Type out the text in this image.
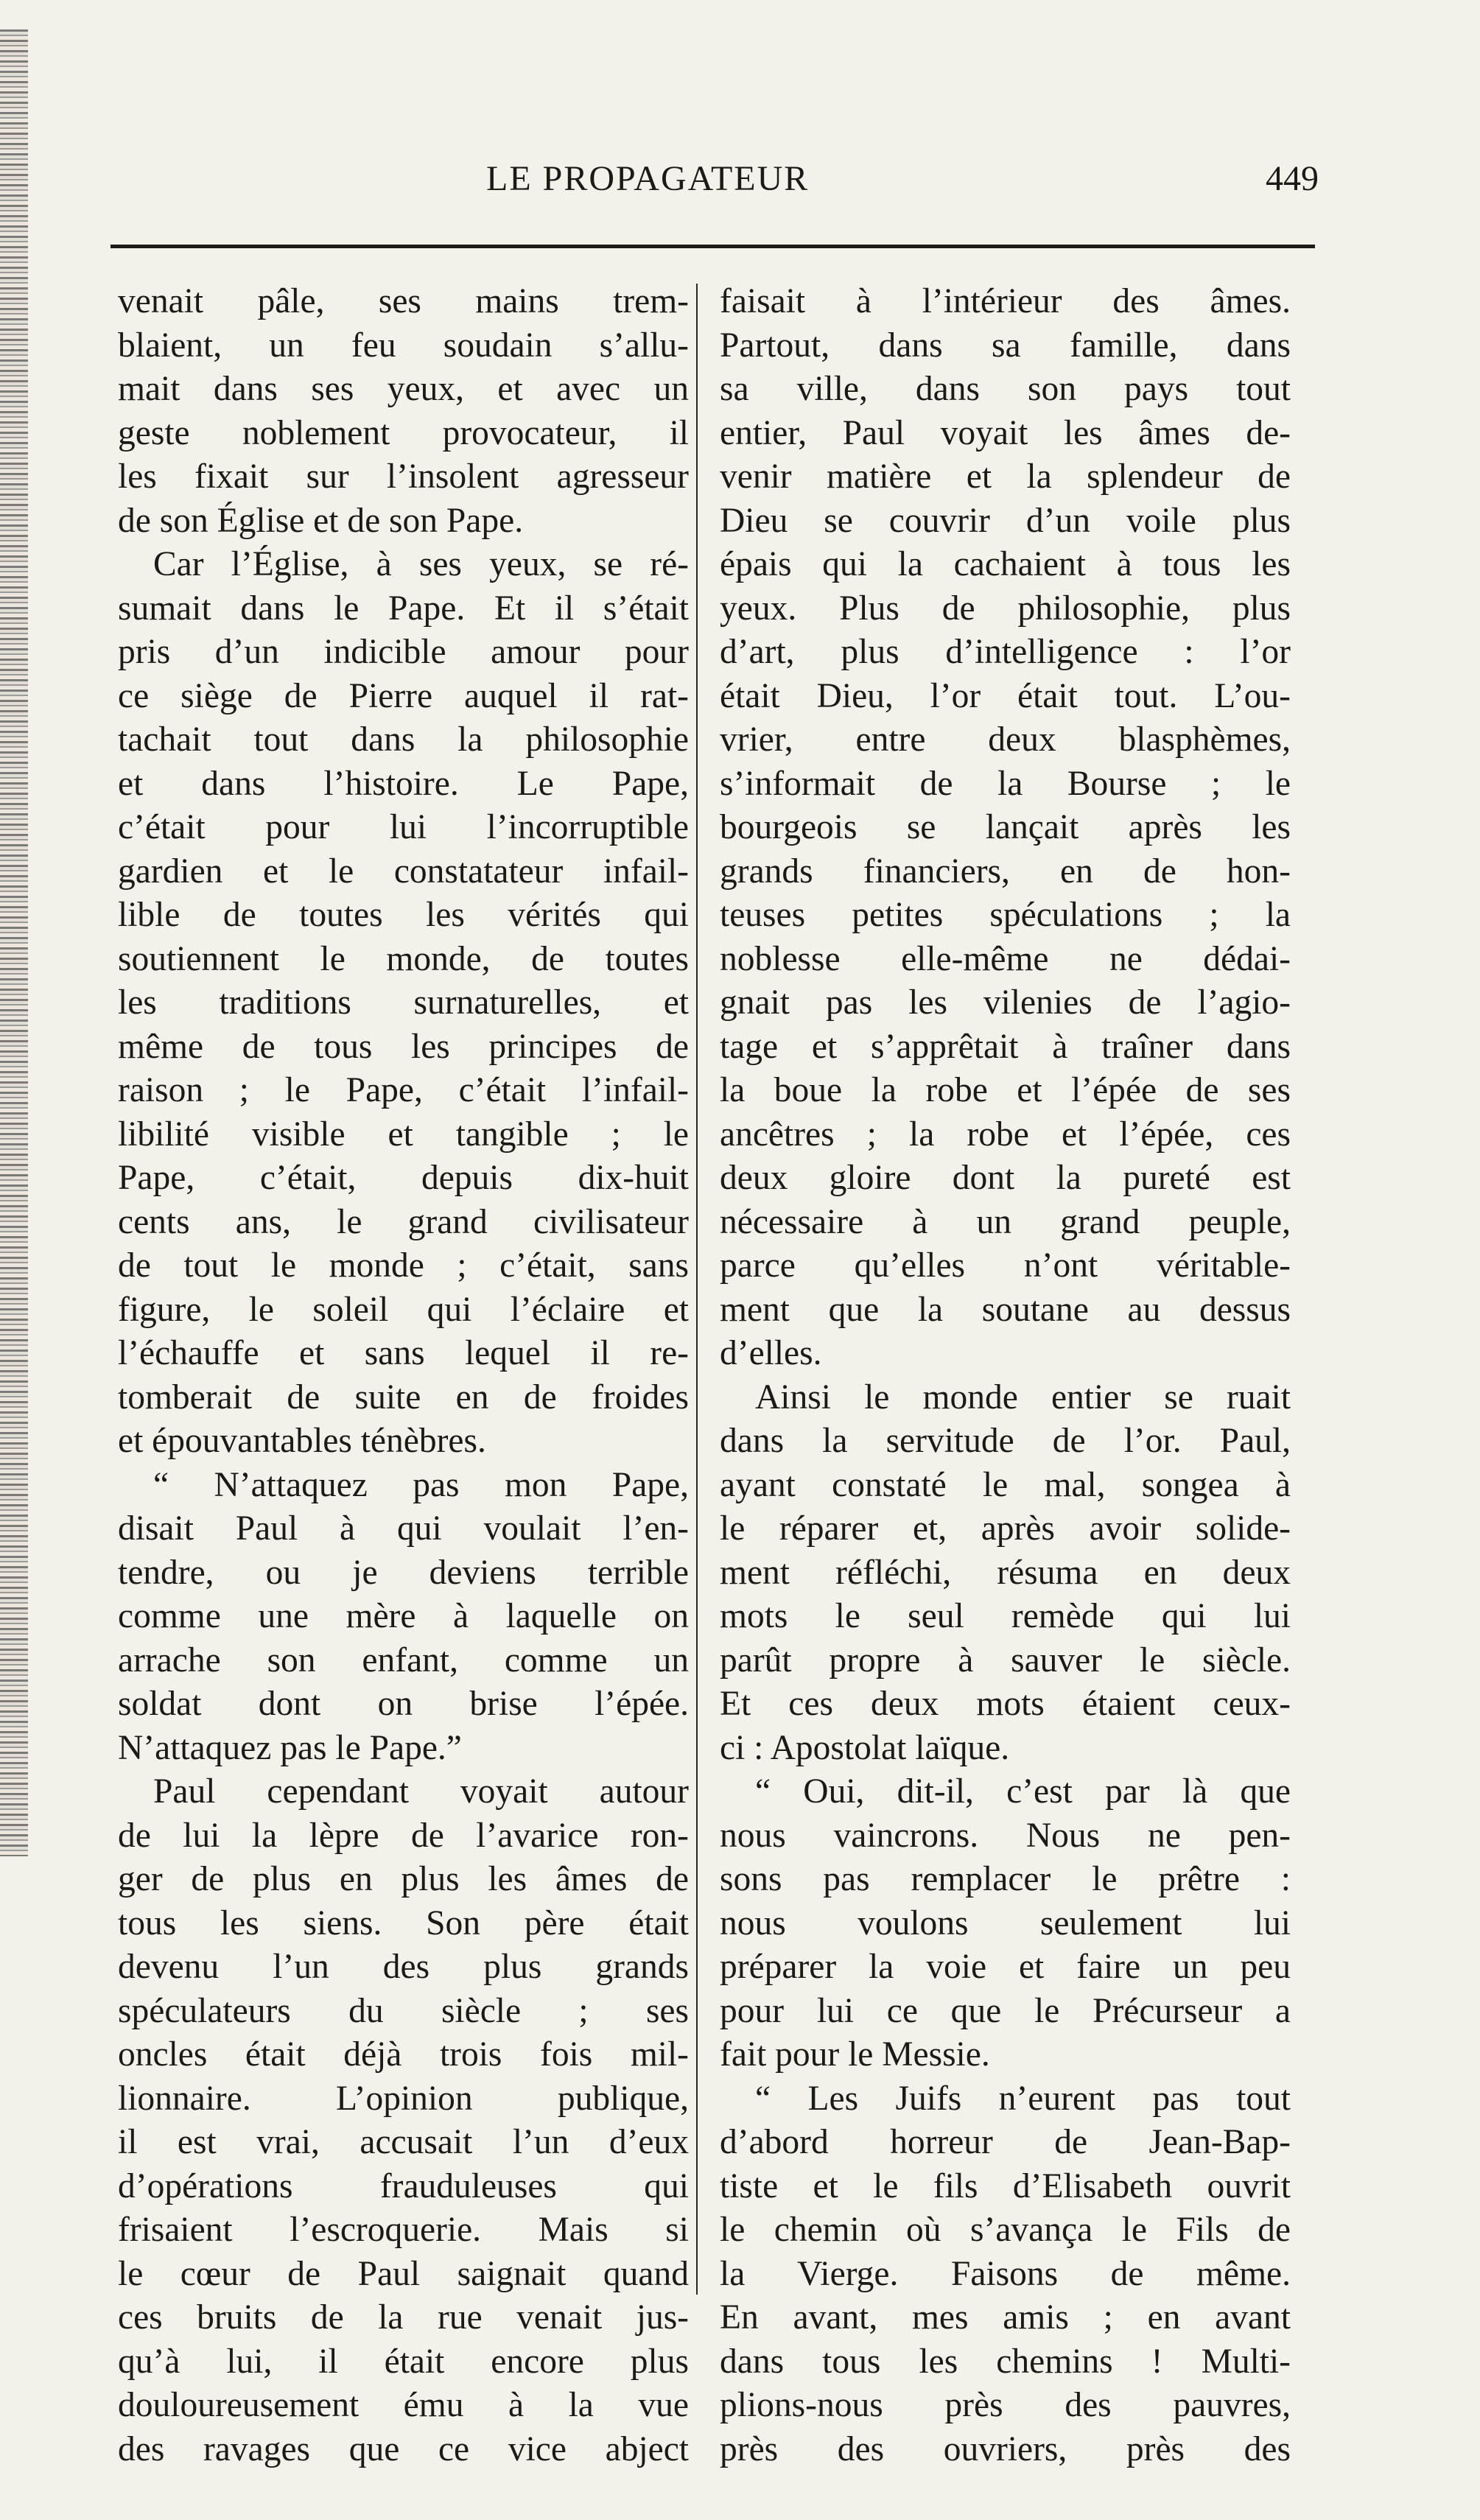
LE PROPAGATEUR	449
venait pâle, ses mains trem-
blaient, un feu soudain s’allu-
mait dans ses yeux, et avec un
geste noblement provocateur, il
les fixait sur l’insolent agresseur
de son Église et de son Pape.
Car l’Église, à ses yeux, se ré-
sumait dans le Pape. Et il s’était
pris d’un indicible amour pour
ce siège de Pierre auquel il rat-
tachait tout dans la philosophie
et dans l’histoire. Le Pape,
c’était pour lui l’incorruptible
gardien et le constatateur infail-
lible de toutes les vérités qui
soutiennent le monde, de toutes
les traditions surnaturelles, et
même de tous les principes de
raison ; le Pape, c’était l’infail-
libilité visible et tangible ; le
Pape, c’était, depuis dix-huit
cents ans, le grand civilisateur
de tout le monde ; c’était, sans
figure, le soleil qui l’éclaire et
l’échauffe et sans lequel il re-
tomberait de suite en de froides
et épouvantables ténèbres.
“ N’attaquez pas mon Pape,
disait Paul à qui voulait l’en-
tendre, ou je deviens terrible
comme une mère à laquelle on
arrache son enfant, comme un
soldat dont on brise l’épée.
N’attaquez pas le Pape.”
Paul cependant voyait autour
de lui la lèpre de l’avarice ron-
ger de plus en plus les âmes de
tous les siens. Son père était
devenu l’un des plus grands
spéculateurs du siècle ; ses
oncles était déjà trois fois mil-
lionnaire. L’opinion publique,
il est vrai, accusait l’un d’eux
d’opérations frauduleuses qui
frisaient l’escroquerie. Mais si
le cœur de Paul saignait quand
ces bruits de la rue venait jus-
qu’à lui, il était encore plus
douloureusement ému à la vue
des ravages que ce vice abject
faisait à l’intérieur des âmes.
Partout, dans sa famille, dans
sa ville, dans son pays tout
entier, Paul voyait les âmes de-
venir matière et la splendeur de
Dieu se couvrir d’un voile plus
épais qui la cachaient à tous les
yeux. Plus de philosophie, plus
d’art, plus d’intelligence : l’or
était Dieu, l’or était tout. L’ou-
vrier, entre deux blasphèmes,
s’informait de la Bourse ; le
bourgeois se lançait après les
grands financiers, en de hon-
teuses petites spéculations ; la
noblesse elle-même ne dédai-
gnait pas les vilenies de l’agio-
tage et s’apprêtait à traîner dans
la boue la robe et l’épée de ses
ancêtres ; la robe et l’épée, ces
deux gloire dont la pureté est
nécessaire à un grand peuple,
parce qu’elles n’ont véritable-
ment que la soutane au dessus
d’elles.
Ainsi le monde entier se ruait
dans la servitude de l’or. Paul,
ayant constaté le mal, songea à
le réparer et, après avoir solide-
ment réfléchi, résuma en deux
mots le seul remède qui lui
parût propre à sauver le siècle.
Et ces deux mots étaient ceux-
ci : Apostolat laïque.
“ Oui, dit-il, c’est par là que
nous vaincrons. Nous ne pen-
sons pas remplacer le prêtre :
nous voulons seulement lui
préparer la voie et faire un peu
pour lui ce que le Précurseur a
fait pour le Messie.
“ Les Juifs n’eurent pas tout
d’abord horreur de Jean-Bap-
tiste et le fils d’Elisabeth ouvrit
le chemin où s’avança le Fils de
la Vierge. Faisons de même.
En avant, mes amis ; en avant
dans tous les chemins ! Multi-
plions-nous près des pauvres,
près des ouvriers, près des
